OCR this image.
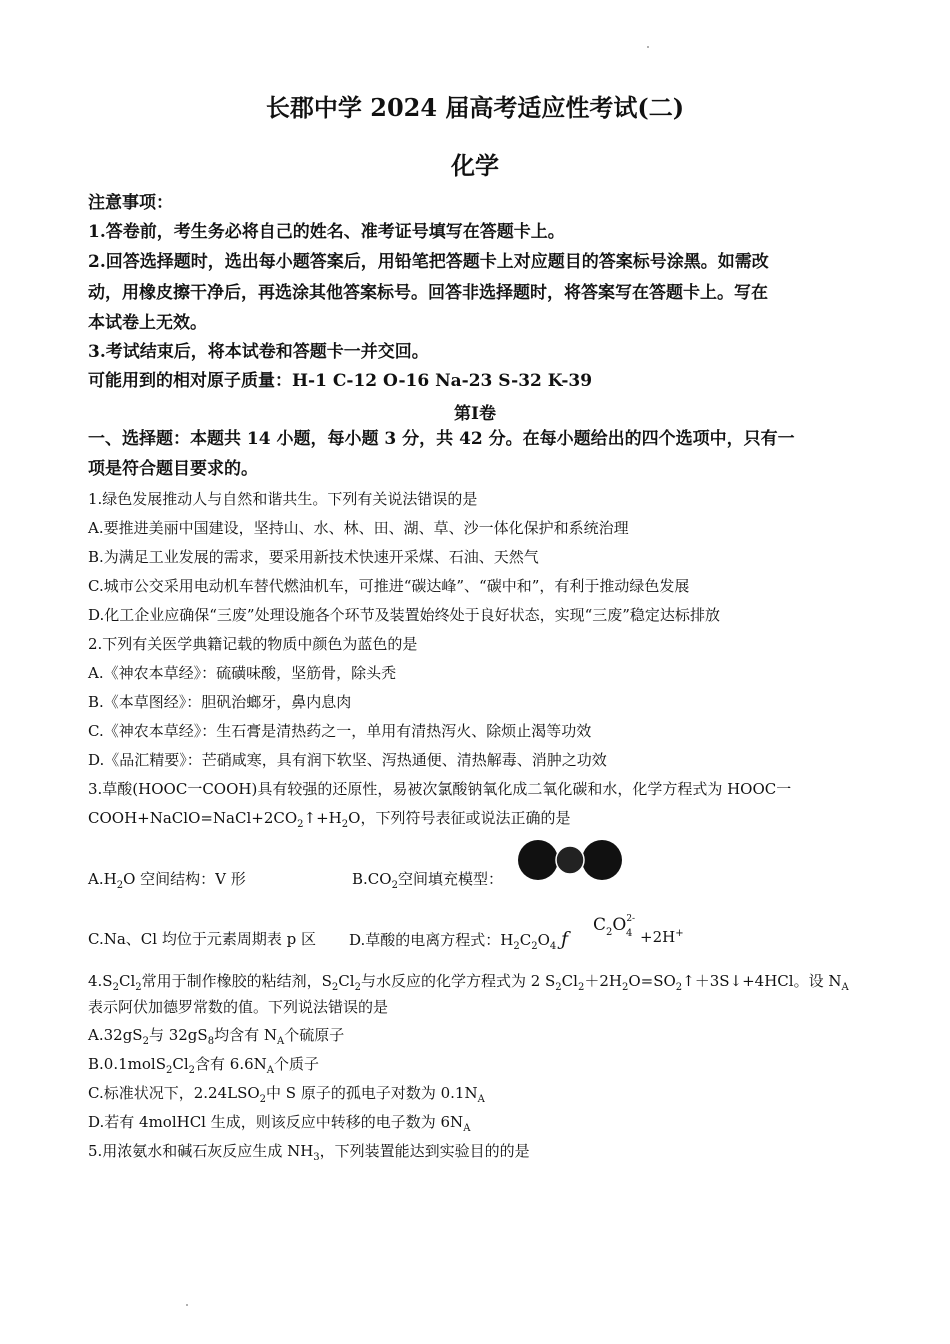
长郡中学 2024 届高考适应性考试(二)
化学
注意事项：
1.答卷前，考生务必将自己的姓名、准考证号填写在答题卡上。
2.回答选择题时，选出每小题答案后，用铅笔把答题卡上对应题目的答案标号涂黑。如需改
动，用橡皮擦干净后，再选涂其他答案标号。回答非选择题时，将答案写在答题卡上。写在
本试卷上无效。
3.考试结束后，将本试卷和答题卡一并交回。
可能用到的相对原子质量：H-1 C-12 O-16 Na-23 S-32 K-39
第Ⅰ卷
一、选择题：本题共 14 小题，每小题 3 分，共 42 分。在每小题给出的四个选项中，只有一
项是符合题目要求的。
1.绿色发展推动人与自然和谐共生。下列有关说法错误的是
A.要推进美丽中国建设，坚持山、水、林、田、湖、草、沙一体化保护和系统治理
B.为满足工业发展的需求，要采用新技术快速开采煤、石油、天然气
C.城市公交采用电动机车替代燃油机车，可推进“碳达峰”、“碳中和”，有利于推动绿色发展
D.化工企业应确保“三废”处理设施各个环节及装置始终处于良好状态，实现“三废”稳定达标排放
2.下列有关医学典籍记载的物质中颜色为蓝色的是
A.《神农本草经》：硫磺味酸，坚筋骨，除头秃
B.《本草图经》：胆矾治螂牙，鼻内息肉
C.《神农本草经》：生石膏是清热药之一，单用有清热泻火、除烦止渴等功效
D.《品汇精要》：芒硝咸寒，具有润下软坚、泻热通便、清热解毒、消肿之功效
3.草酸(HOOC一COOH)具有较强的还原性，易被次氯酸钠氧化成二氧化碳和水，化学方程式为 HOOC一
$COOH+NaClO=NaCl+2CO_2↑+H_2O$，下列符号表征或说法正确的是
$A.H_2O$ 空间结构：V 形	$B.CO_2$空间填充模型：
C.Na、Cl 均位于元素周期表 p 区 D.草酸的电离方程式：$H_2C_2O_4$ ƒ
$C_2O^{2-}$
4 +2H+
$4.S_2Cl_2$常用于制作橡胶的粘结剂，$S_2Cl_2$与水反应的化学方程式为 2 $S_2Cl_2+2H_2O=SO_2↑+3S↓+4HCl$。设 $N_A$
表示阿伏加德罗常数的值。下列说法错误的是
$A.32gS_2$与 $32gS_8$均含有 $N_A$个硫原子
$B.0.1molS_2Cl_2$含有 $6.6N_A$个质子
C.标准状况下，$2.24LSO_2$中 S 原子的孤电子对数为 $0.1N_A$
D.若有 4molHCl 生成，则该反应中转移的电子数为 $6N_A$
5.用浓氨水和碱石灰反应生成 $NH_3$，下列装置能达到实验目的的是
